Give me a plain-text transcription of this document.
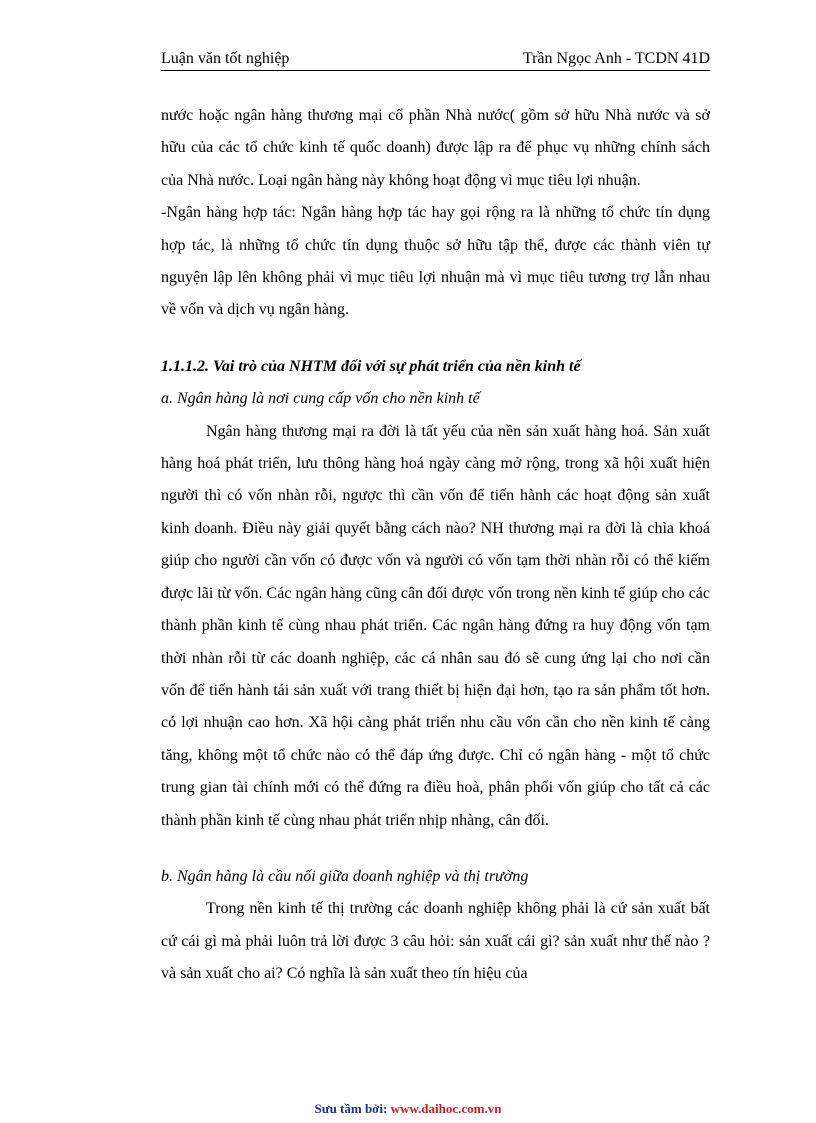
Luận văn tốt nghiệp	Trần Ngọc Anh - TCDN 41D

nước hoặc ngân hàng thương mại cổ phần Nhà nước( gồm sở hữu Nhà nước và sở hữu của các tổ chức kinh tế quốc doanh) được lập ra để phục vụ những chính sách của Nhà nước. Loại ngân hàng này không hoạt động vì mục tiêu lợi nhuận.

-Ngân hàng hợp tác: Ngân hàng hợp tác hay gọi rộng ra là những tổ chức tín dụng hợp tác, là những tổ chức tín dụng thuộc sở hữu tập thể, được các thành viên tự nguyện lập lên không phải vì mục tiêu lợi nhuận mà vì mục tiêu tương trợ lẫn nhau về vốn và dịch vụ ngân hàng.

1.1.1.2. Vai trò của NHTM đối với sự phát triển của nền kinh tế

a. Ngân hàng là nơi cung cấp vốn cho nền kinh tế

Ngân hàng thương mại ra đời là tất yếu của nền sản xuất hàng hoá. Sản xuất hàng hoá phát triển, lưu thông hàng hoá ngày càng mở rộng, trong xã hội xuất hiện người thì có vốn nhàn rỗi, ngược thì cần vốn để tiến hành các hoạt động sản xuất kinh doanh. Điều này giải quyết bằng cách nào? NH thương mại ra đời là chìa khoá giúp cho người cần vốn có được vốn và người có vốn tạm thời nhàn rỗi có thể kiếm được lãi từ vốn. Các ngân hàng cũng cân đối được vốn trong nền kinh tế giúp cho các thành phần kinh tế cùng nhau phát triển. Các ngân hàng đứng ra huy động vốn tạm thời nhàn rỗi từ các doanh nghiệp, các cá nhân sau đó sẽ cung ứng lại cho nơi cần vốn để tiến hành tái sản xuất với trang thiết bị hiện đại hơn, tạo ra sản phẩm tốt hơn. có lợi nhuận cao hơn. Xã hội càng phát triển nhu cầu vốn cần cho nền kinh tế càng tăng, không một tổ chức nào có thể đáp ứng được. Chỉ có ngân hàng - một tổ chức trung gian tài chính mới có thể đứng ra điều hoà, phân phối vốn giúp cho tất cả các thành phần kinh tế cùng nhau phát triển nhịp nhàng, cân đối.

b. Ngân hàng là cầu nối giữa doanh nghiệp và thị trường

Trong nền kinh tế thị trường các doanh nghiệp không phải là cứ sản xuất bất cứ cái gì mà phải luôn trả lời được 3 câu hỏi: sản xuất cái gì? sản xuất như thế nào ? và sản xuất cho ai? Có nghĩa là sản xuất theo tín hiệu của

Sưu tầm bởi: www.daihoc.com.vn
